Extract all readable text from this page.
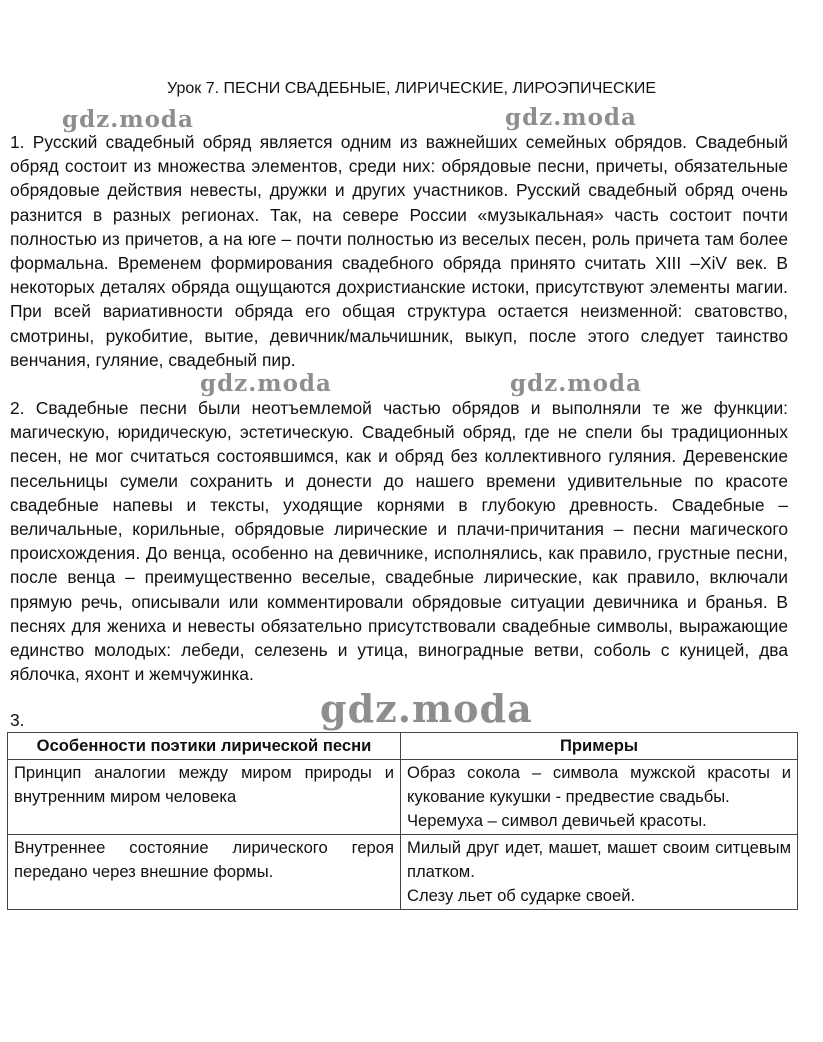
Урок 7. ПЕСНИ СВАДЕБНЫЕ, ЛИРИЧЕСКИЕ, ЛИРОЭПИЧЕСКИЕ

1. Русский свадебный обряд является одним из важнейших семейных обрядов. Свадебный обряд состоит из множества элементов, среди них: обрядовые песни, причеты, обязательные обрядовые действия невесты, дружки и других участников. Русский свадебный обряд очень разнится в разных регионах. Так, на севере России «музыкальная» часть состоит почти полностью из причетов, а на юге – почти полностью из веселых песен, роль причета там более формальна. Временем формирования свадебного обряда принято считать XIII –XiV век. В некоторых деталях обряда ощущаются дохристианские истоки, присутствуют элементы магии. При всей вариативности обряда его общая структура остается неизменной: сватовство, смотрины, рукобитие, вытие, девичник/мальчишник, выкуп, после этого следует таинство венчания, гуляние, свадебный пир.

2. Свадебные песни были неотъемлемой частью обрядов и выполняли те же функции: магическую, юридическую, эстетическую. Свадебный обряд, где не спели бы традиционных песен, не мог считаться состоявшимся, как и обряд без коллективного гуляния. Деревенские песельницы сумели сохранить и донести до нашего времени удивительные по красоте свадебные напевы и тексты, уходящие корнями в глубокую древность. Свадебные – величальные, корильные, обрядовые лирические и плачи-причитания – песни магического происхождения. До венца, особенно на девичнике, исполнялись, как правило, грустные песни, после венца – преимущественно веселые, свадебные лирические, как правило, включали прямую речь, описывали или комментировали обрядовые ситуации девичника и бранья. В песнях для жениха и невесты обязательно присутствовали свадебные символы, выражающие единство молодых: лебеди, селезень и утица, виноградные ветви, соболь с куницей, два яблочка, яхонт и жемчужинка.

3.
Особенности поэтики лирической песни	Примеры

Принцип аналогии между миром природы и внутренним миром человека	Образ сокола – символа мужской красоты и кукование кукушки - предвестие свадьбы.

Черемуха – символ девичьей красоты.

Внутреннее состояние лирического героя передано через внешние формы.	Милый друг идет, машет, машет своим ситцевым платком.

Слезу льет об сударке своей.

gdz.moda	gdz.moda
gdz.moda	gdz.moda
gdz.moda
